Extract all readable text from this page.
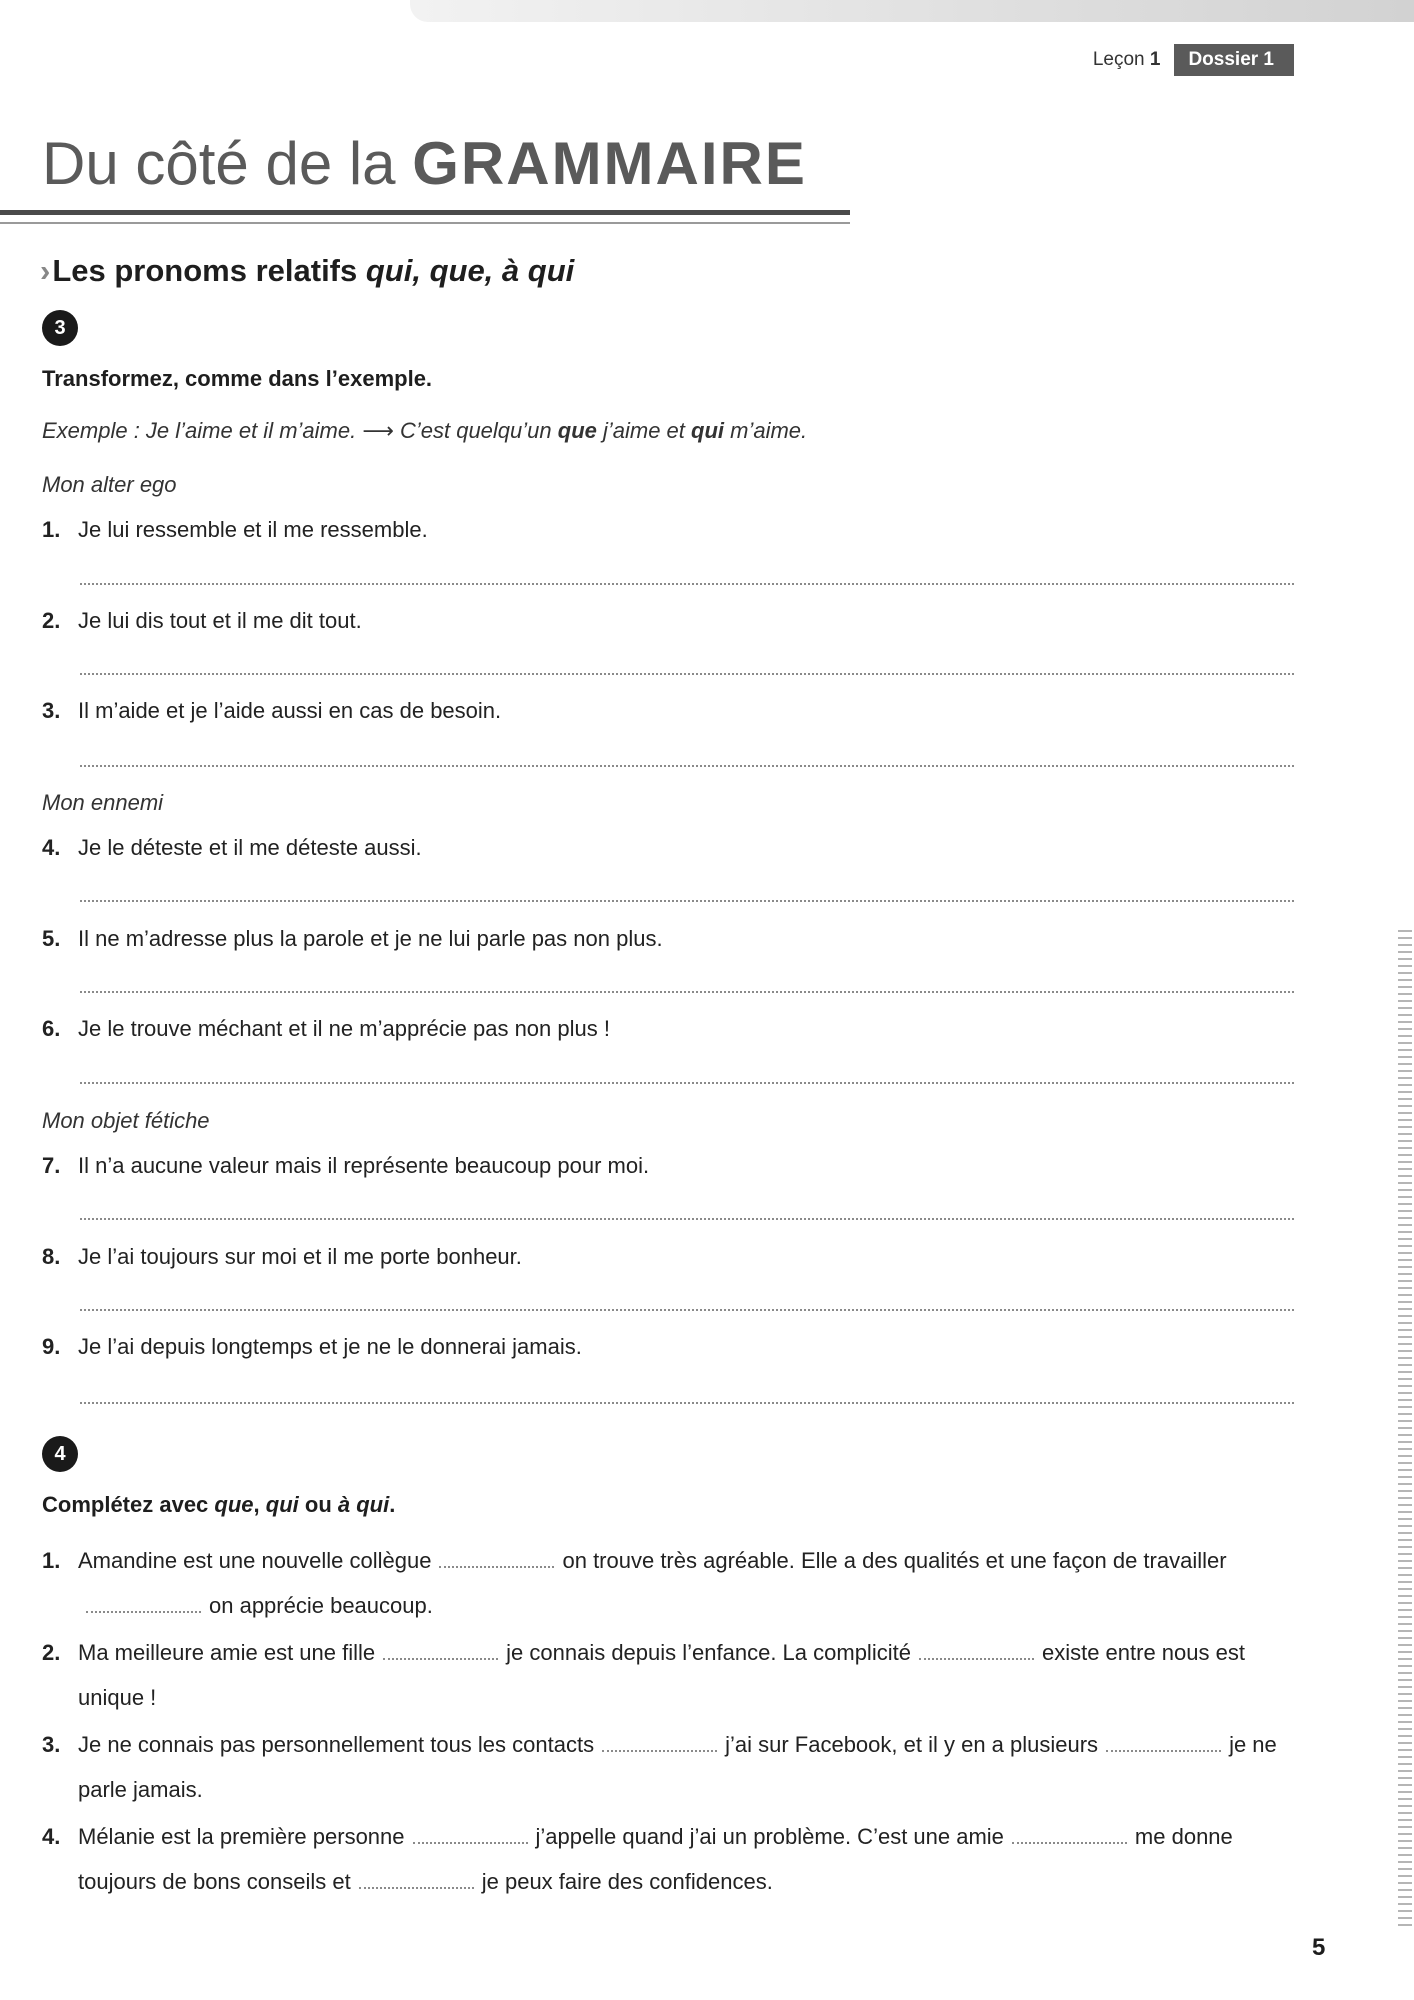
Leçon 1	Dossier 1
Du côté de la GRAMMAIRE
›Les pronoms relatifs qui, que, à qui
3

Transformez, comme dans l’exemple.

Exemple : Je l’aime et il m’aime. ⟶ C’est quelqu’un que j’aime et qui m’aime.

Mon alter ego

1. Je lui ressemble et il me ressemble.

2. Je lui dis tout et il me dit tout.

3. Il m’aide et je l’aide aussi en cas de besoin.

Mon ennemi

4. Je le déteste et il me déteste aussi.

5. Il ne m’adresse plus la parole et je ne lui parle pas non plus.

6. Je le trouve méchant et il ne m’apprécie pas non plus !

Mon objet fétiche

7. Il n’a aucune valeur mais il représente beaucoup pour moi.

8. Je l’ai toujours sur moi et il me porte bonheur.

9. Je l’ai depuis longtemps et je ne le donnerai jamais.

4

Complétez avec que, qui ou à qui.

1. Amandine est une nouvelle collègue	on trouve très agréable. Elle a des qualités et une façon de travailleron apprécie beaucoup.
2. Ma meilleure amie est une fille	je connais depuis l’enfance. La complicité	existe entre nous est unique !
3. Je ne connais pas personnellement tous les contacts	j’ai sur Facebook, et il y en a plusieurs	je ne parle jamais.
4. Mélanie est la première personne	j’appelle quand j’ai un problème. C’est une amie	me donne toujours de bons conseils et	je peux faire des confidences.
5
